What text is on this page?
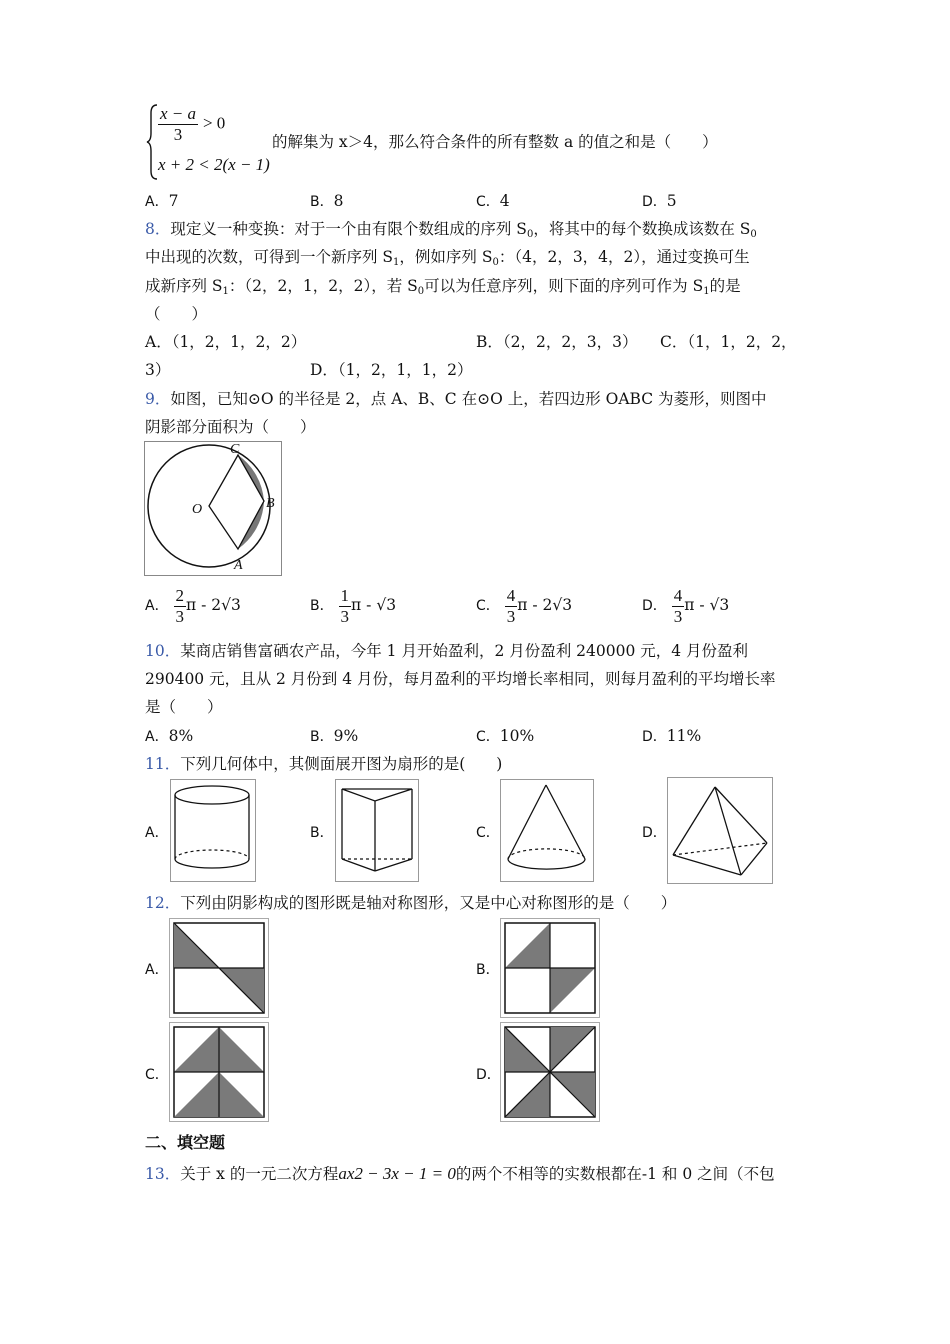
$\frac{x - a}{3} > 0$
x + 2 < 2(x − 1)
的解集为 x＞4，那么符合条件的所有整数 a 的值之和是（　　）
A．7	B．8	C．4	D．5
8．现定义一种变换：对于一个由有限个数组成的序列 $S_0$，将其中的每个数换成该数在 $S_0$
中出现的次数，可得到一个新序列 $S_1$，例如序列 $S_0$：（4，2，3，4，2），通过变换可生
成新序列 $S_1$：（2，2，1，2，2），若 $S_0$可以为任意序列，则下面的序列可作为 $S_1$的是
（　　）
A．（1，2，1，2，2）	B．（2，2，2，3，3） C．（1，1，2，2，
3）	D．（1，2，1，1，2）
9．如图，已知⊙O 的半径是 2，点 A、B、C 在⊙O 上，若四边形 OABC 为菱形，则图中
阴影部分面积为（　　）
C
O	B
A
A． $\frac{2}{3}$ π - 2√3	B． $\frac{1}{3}$ π - √3	C． $\frac{4}{3}$ π - 2√3	D． $\frac{4}{3}$ π - √3
10．某商店销售富硒农产品，今年 1 月开始盈利，2 月份盈利 240000 元，4 月份盈利
290400 元，且从 2 月份到 4 月份，每月盈利的平均增长率相同，则每月盈利的平均增长率
是（　　）
A．8%	B．9%	C．10%	D．11%
11．下列几何体中，其侧面展开图为扇形的是(　　)
A．	B．	C．	D．
12．下列由阴影构成的图形既是轴对称图形，又是中心对称图形的是（　　）
A．	B．
C．	D．
二、填空题
13．关于 x 的一元二次方程ax2 − 3x − 1 = 0的两个不相等的实数根都在-1 和 0 之间（不包
